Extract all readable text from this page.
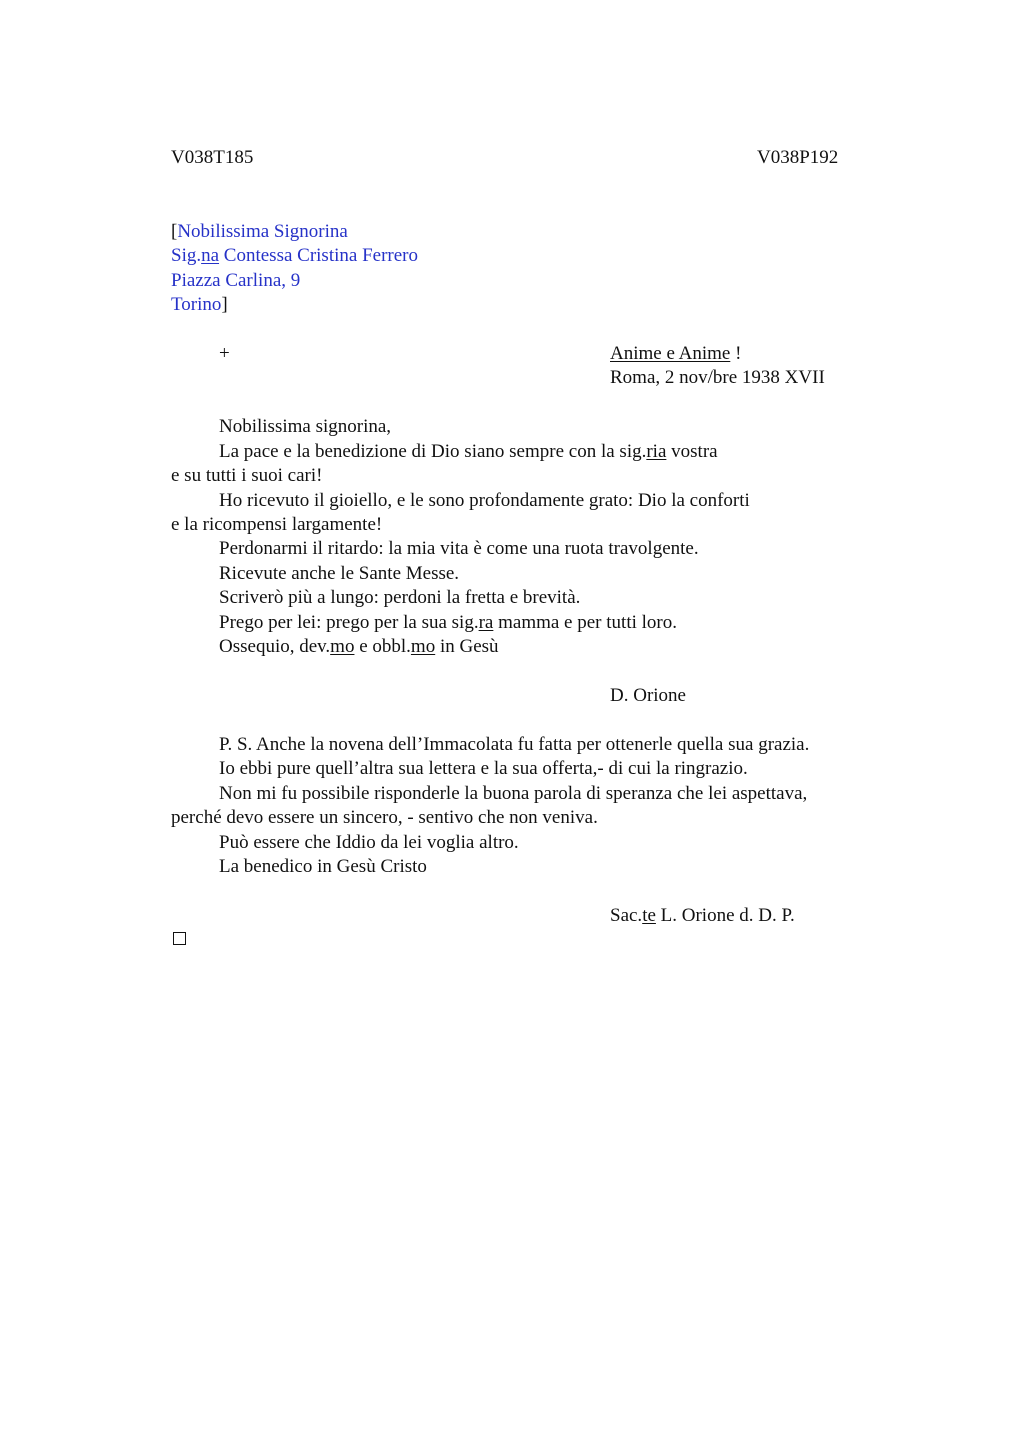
V038T185	V038P192
[Nobilissima Signorina
Sig.na Contessa Cristina Ferrero
Piazza Carlina, 9
Torino]
+	Anime e Anime !
Roma, 2 nov/bre 1938 XVII
Nobilissima signorina,
La pace e la benedizione di Dio siano sempre con la sig.ria vostra
e su tutti i suoi cari!
Ho ricevuto il gioiello, e le sono profondamente grato: Dio la conforti
e la ricompensi largamente!
Perdonarmi il ritardo: la mia vita è come una ruota travolgente.
Ricevute anche le Sante Messe.
Scriverò più a lungo: perdoni la fretta e brevità.
Prego per lei: prego per la sua sig.ra mamma e per tutti loro.
Ossequio, dev.mo e obbl.mo in Gesù
D. Orione
P. S. Anche la novena dell’Immacolata fu fatta per ottenerle quella sua grazia.
Io ebbi pure quell’altra sua lettera e la sua offerta,- di cui la ringrazio.
Non mi fu possibile risponderle la buona parola di speranza che lei aspettava,
perché devo essere un sincero, - sentivo che non veniva.
Può essere che Iddio da lei voglia altro.
La benedico in Gesù Cristo
Sac.te L. Orione d. D. P.
